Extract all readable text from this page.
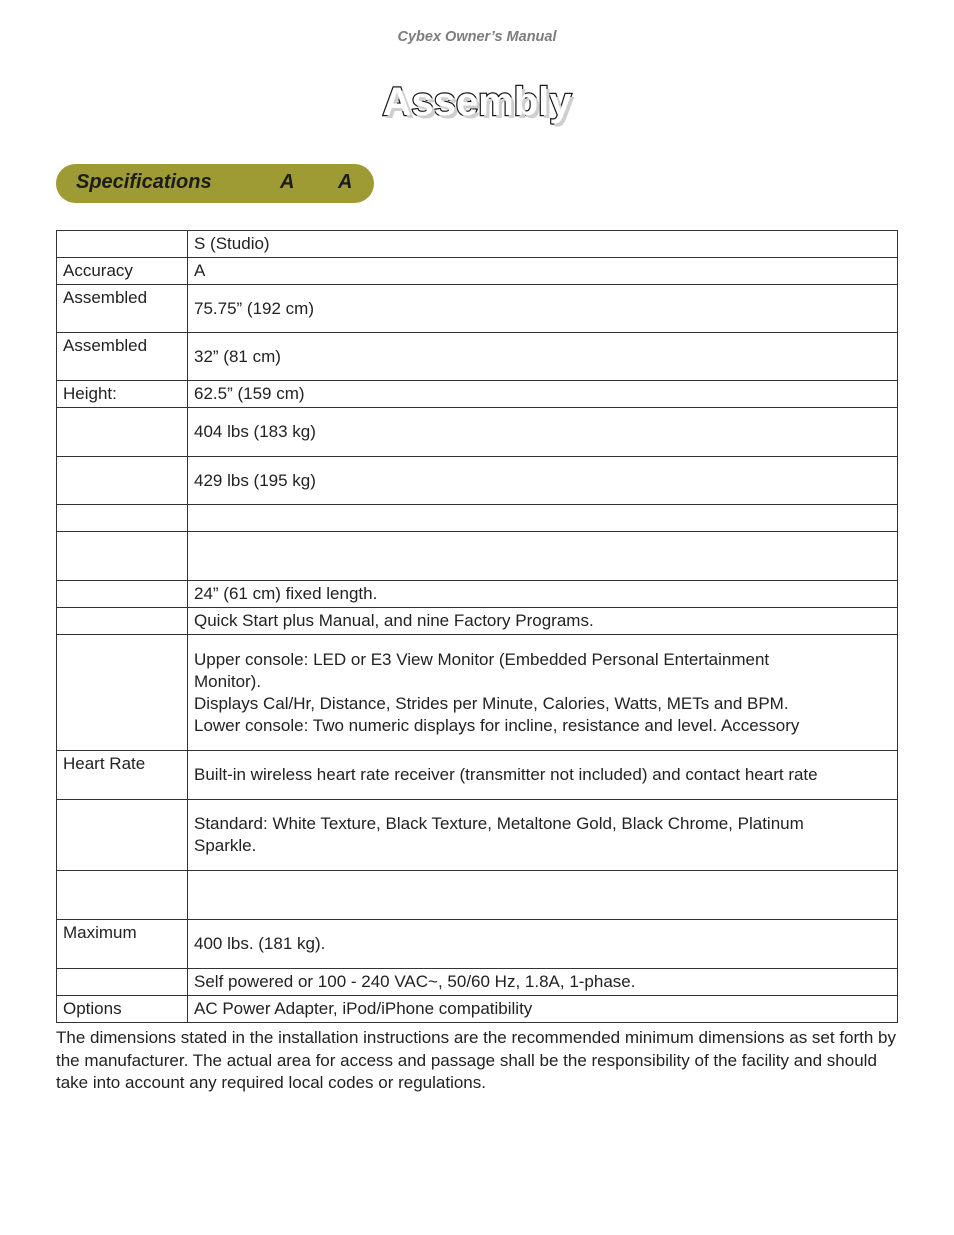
Cybex Owner’s Manual
Assembly
Specifications	A A
	S (Studio)
Accuracy	A
Assembled	75.75” (192 cm)
Assembled	32” (81 cm)
Height:	62.5” (159 cm)
	404 lbs (183 kg)
	429 lbs (195 kg)

	24” (61 cm) fixed length.
	Quick Start plus Manual, and nine Factory Programs.

	Upper console: LED or E3 View Monitor (Embedded Personal Entertainment
Monitor).
Displays Cal/Hr, Distance, Strides per Minute, Calories, Watts, METs and BPM.
Lower console: Two numeric displays for incline, resistance and level. Accessory

Heart Rate	Built-in wireless heart rate receiver (transmitter not included) and contact heart rate

	Standard: White Texture, Black Texture, Metaltone Gold, Black Chrome, Platinum
Sparkle.

Maximum	400 lbs. (181 kg).
	Self powered or 100 - 240 VAC~, 50/60 Hz, 1.8A, 1-phase.
Options	AC Power Adapter, iPod/iPhone compatibility
The dimensions stated in the installation instructions are the recommended minimum dimensions as set forth by the manufacturer. The actual area for access and passage shall be the responsibility of the facility and should take into account any required local codes or regulations.
